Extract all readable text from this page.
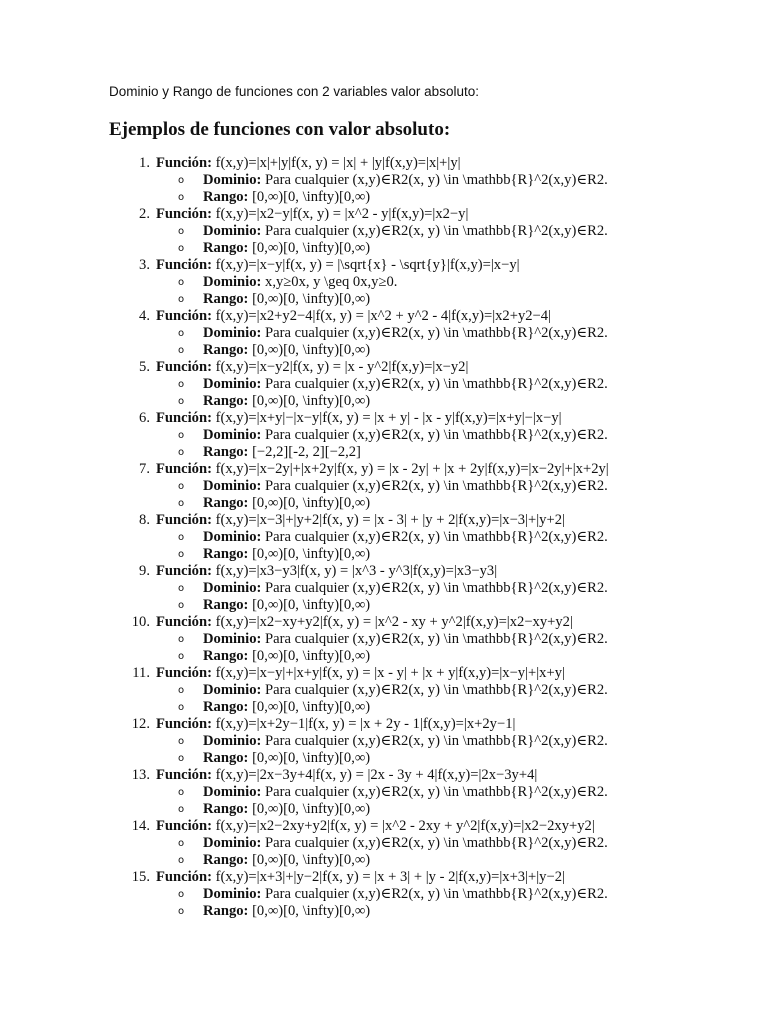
Dominio y Rango de funciones con 2 variables valor absoluto:
Ejemplos de funciones con valor absoluto:
1. Función: f(x,y)=|x|+|y|f(x, y) = |x| + |y|f(x,y)=|x|+|y|
o Dominio: Para cualquier (x,y)∈R2(x, y) \in \mathbb{R}^2(x,y)∈R2.
o Rango: [0,∞)[0, \infty)[0,∞)
2. Función: f(x,y)=|x2−y|f(x, y) = |x^2 - y|f(x,y)=|x2−y|
o Dominio: Para cualquier (x,y)∈R2(x, y) \in \mathbb{R}^2(x,y)∈R2.
o Rango: [0,∞)[0, \infty)[0,∞)
3. Función: f(x,y)=|x−y|f(x, y) = |\sqrt{x} - \sqrt{y}|f(x,y)=|x−y|
o Dominio: x,y≥0x, y \geq 0x,y≥0.
o Rango: [0,∞)[0, \infty)[0,∞)
4. Función: f(x,y)=|x2+y2−4|f(x, y) = |x^2 + y^2 - 4|f(x,y)=|x2+y2−4|
o Dominio: Para cualquier (x,y)∈R2(x, y) \in \mathbb{R}^2(x,y)∈R2.
o Rango: [0,∞)[0, \infty)[0,∞)
5. Función: f(x,y)=|x−y2|f(x, y) = |x - y^2|f(x,y)=|x−y2|
o Dominio: Para cualquier (x,y)∈R2(x, y) \in \mathbb{R}^2(x,y)∈R2.
o Rango: [0,∞)[0, \infty)[0,∞)
6. Función: f(x,y)=|x+y|−|x−y|f(x, y) = |x + y| - |x - y|f(x,y)=|x+y|−|x−y|
o Dominio: Para cualquier (x,y)∈R2(x, y) \in \mathbb{R}^2(x,y)∈R2.
o Rango: [−2,2][-2, 2][−2,2]
7. Función: f(x,y)=|x−2y|+|x+2y|f(x, y) = |x - 2y| + |x + 2y|f(x,y)=|x−2y|+|x+2y|
o Dominio: Para cualquier (x,y)∈R2(x, y) \in \mathbb{R}^2(x,y)∈R2.
o Rango: [0,∞)[0, \infty)[0,∞)
8. Función: f(x,y)=|x−3|+|y+2|f(x, y) = |x - 3| + |y + 2|f(x,y)=|x−3|+|y+2|
o Dominio: Para cualquier (x,y)∈R2(x, y) \in \mathbb{R}^2(x,y)∈R2.
o Rango: [0,∞)[0, \infty)[0,∞)
9. Función: f(x,y)=|x3−y3|f(x, y) = |x^3 - y^3|f(x,y)=|x3−y3|
o Dominio: Para cualquier (x,y)∈R2(x, y) \in \mathbb{R}^2(x,y)∈R2.
o Rango: [0,∞)[0, \infty)[0,∞)
10. Función: f(x,y)=|x2−xy+y2|f(x, y) = |x^2 - xy + y^2|f(x,y)=|x2−xy+y2|
o Dominio: Para cualquier (x,y)∈R2(x, y) \in \mathbb{R}^2(x,y)∈R2.
o Rango: [0,∞)[0, \infty)[0,∞)
11. Función: f(x,y)=|x−y|+|x+y|f(x, y) = |x - y| + |x + y|f(x,y)=|x−y|+|x+y|
o Dominio: Para cualquier (x,y)∈R2(x, y) \in \mathbb{R}^2(x,y)∈R2.
o Rango: [0,∞)[0, \infty)[0,∞)
12. Función: f(x,y)=|x+2y−1|f(x, y) = |x + 2y - 1|f(x,y)=|x+2y−1|
o Dominio: Para cualquier (x,y)∈R2(x, y) \in \mathbb{R}^2(x,y)∈R2.
o Rango: [0,∞)[0, \infty)[0,∞)
13. Función: f(x,y)=|2x−3y+4|f(x, y) = |2x - 3y + 4|f(x,y)=|2x−3y+4|
o Dominio: Para cualquier (x,y)∈R2(x, y) \in \mathbb{R}^2(x,y)∈R2.
o Rango: [0,∞)[0, \infty)[0,∞)
14. Función: f(x,y)=|x2−2xy+y2|f(x, y) = |x^2 - 2xy + y^2|f(x,y)=|x2−2xy+y2|
o Dominio: Para cualquier (x,y)∈R2(x, y) \in \mathbb{R}^2(x,y)∈R2.
o Rango: [0,∞)[0, \infty)[0,∞)
15. Función: f(x,y)=|x+3|+|y−2|f(x, y) = |x + 3| + |y - 2|f(x,y)=|x+3|+|y−2|
o Dominio: Para cualquier (x,y)∈R2(x, y) \in \mathbb{R}^2(x,y)∈R2.
o Rango: [0,∞)[0, \infty)[0,∞)
